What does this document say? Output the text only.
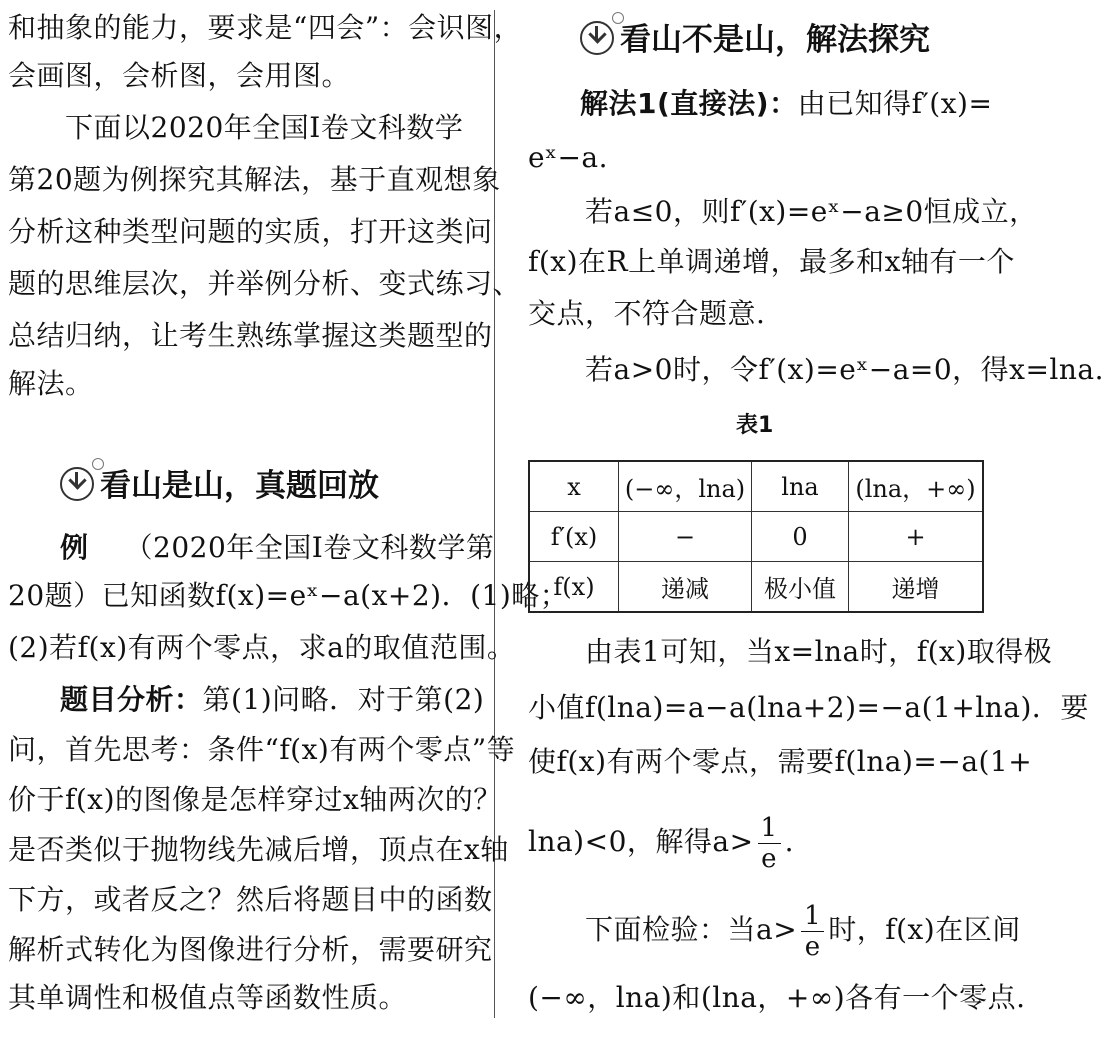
和抽象的能力，要求是“四会”：会识图，
会画图，会析图，会用图。
　　下面以2020年全国Ⅰ卷文科数学
第20题为例探究其解法，基于直观想象
分析这种类型问题的实质，打开这类问
题的思维层次，并举例分析、变式练习、
总结归纳，让考生熟练掌握这类题型的
解法。
看山是山，真题回放
例 （2020年全国Ⅰ卷文科数学第
20题）已知函数f(x)=eˣ−a(x+2)．(1)略；
(2)若f(x)有两个零点，求a的取值范围。
题目分析：第(1)问略．对于第(2)
问，首先思考：条件“f(x)有两个零点”等
价于f(x)的图像是怎样穿过x轴两次的？
是否类似于抛物线先减后增，顶点在x轴
下方，或者反之？然后将题目中的函数
解析式转化为图像进行分析，需要研究
其单调性和极值点等函数性质。
看山不是山，解法探究
解法1(直接法)：由已知得f′(x)=
eˣ−a.
　　若a≤0，则f′(x)=eˣ−a≥0恒成立，
f(x)在R上单调递增，最多和x轴有一个
交点，不符合题意.
　　若a>0时，令f′(x)=eˣ−a=0，得x=lna.
表1
x	(−∞，lna)	lna	(lna，+∞)
f′(x)	−	0	+
f(x)	递减	极小值	递增
　　由表1可知，当x=lna时，f(x)取得极
小值f(lna)=a−a(lna+2)=−a(1+lna)．要
使f(x)有两个零点，需要f(lna)=−a(1+
lna)<0，解得$a> \frac{1}{e}$ .
　　下面检验：当$a> \frac{1}{e}$ 时，f(x)在区间
(−∞，lna)和(lna，+∞)各有一个零点.
